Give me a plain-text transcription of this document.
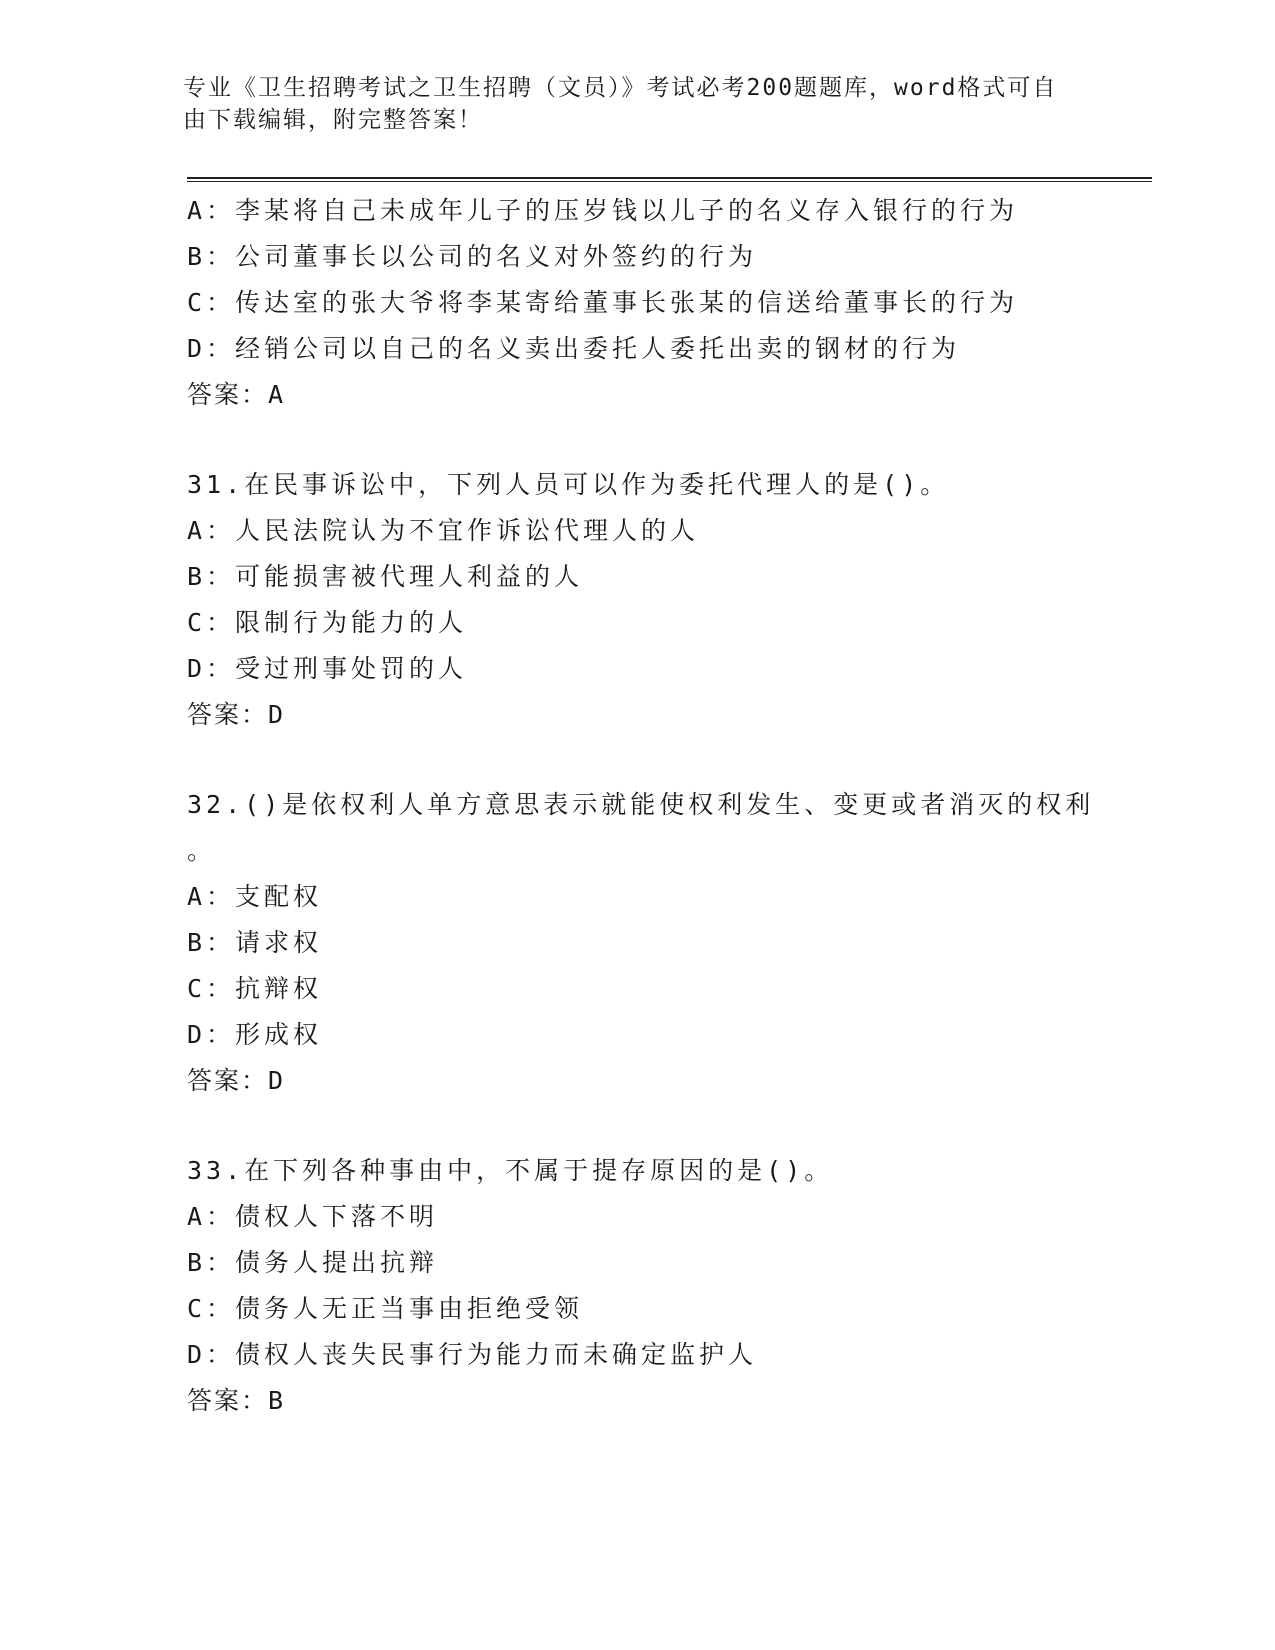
专业《卫生招聘考试之卫生招聘（文员）》考试必考200题题库，word格式可自
由下载编辑，附完整答案！
A：李某将自己未成年儿子的压岁钱以儿子的名义存入银行的行为
B：公司董事长以公司的名义对外签约的行为
C：传达室的张大爷将李某寄给董事长张某的信送给董事长的行为
D：经销公司以自己的名义卖出委托人委托出卖的钢材的行为
答案：A
31.在民事诉讼中，下列人员可以作为委托代理人的是()。
A：人民法院认为不宜作诉讼代理人的人
B：可能损害被代理人利益的人
C：限制行为能力的人
D：受过刑事处罚的人
答案：D
32.()是依权利人单方意思表示就能使权利发生、变更或者消灭的权利
。
A：支配权
B：请求权
C：抗辩权
D：形成权
答案：D
33.在下列各种事由中，不属于提存原因的是()。
A：债权人下落不明
B：债务人提出抗辩
C：债务人无正当事由拒绝受领
D：债权人丧失民事行为能力而未确定监护人
答案：B
